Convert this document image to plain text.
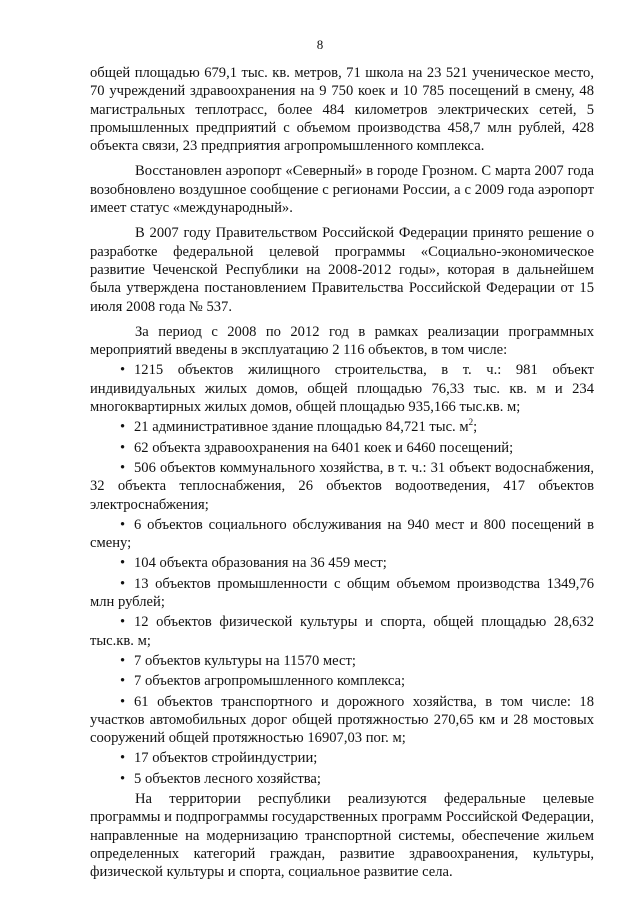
8

общей площадью 679,1 тыс. кв. метров, 71 школа на 23 521 ученическое место, 70 учреждений здравоохранения на 9 750 коек и 10 785 посещений в смену, 48 магистральных теплотрасс, более 484 километров электрических сетей, 5 промышленных предприятий с объемом производства 458,7 млн рублей, 428 объекта связи, 23 предприятия агропромышленного комплекса.

Восстановлен аэропорт «Северный» в городе Грозном. С марта 2007 года возобновлено воздушное сообщение с регионами России, а с 2009 года аэропорт имеет статус «международный».

В 2007 году Правительством Российской Федерации принято решение о разработке федеральной целевой программы «Социально-экономическое развитие Чеченской Республики на 2008-2012 годы», которая в дальнейшем была утверждена постановлением Правительства Российской Федерации от 15 июля 2008 года № 537.

За период с 2008 по 2012 год в рамках реализации программных мероприятий введены в эксплуатацию 2 116 объектов, в том числе:

• 1215 объектов жилищного строительства, в т. ч.: 981 объект индивидуальных жилых домов, общей площадью 76,33 тыс. кв. м и 234 многоквартирных жилых домов, общей площадью 935,166 тыс.кв. м;

• 21 административное здание площадью 84,721 тыс. $м^2$;

• 62 объекта здравоохранения на 6401 коек и 6460 посещений;

• 506 объектов коммунального хозяйства, в т. ч.: 31 объект водоснабжения, 32 объекта теплоснабжения, 26 объектов водоотведения, 417 объектов электроснабжения;

• 6 объектов социального обслуживания на 940 мест и 800 посещений в смену;

• 104 объекта образования на 36 459 мест;

• 13 объектов промышленности с общим объемом производства 1349,76 млн рублей;

• 12 объектов физической культуры и спорта, общей площадью 28,632 тыс.кв. м;

• 7 объектов культуры на 11570 мест;

• 7 объектов агропромышленного комплекса;

• 61 объектов транспортного и дорожного хозяйства, в том числе: 18 участков автомобильных дорог общей протяжностью 270,65 км и 28 мостовых сооружений общей протяжностью 16907,03 пог. м;

• 17 объектов стройиндустрии;

• 5 объектов лесного хозяйства;

На территории республики реализуются федеральные целевые программы и подпрограммы государственных программ Российской Федерации, направленные на модернизацию транспортной системы, обеспечение жильем определенных категорий граждан, развитие здравоохранения, культуры, физической культуры и спорта, социальное развитие села.
